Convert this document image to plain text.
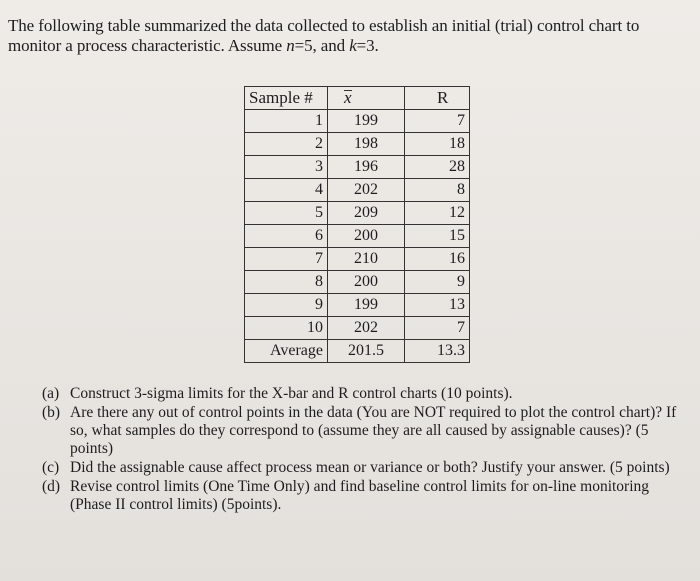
The following table summarized the data collected to establish an initial (trial) control chart to
monitor a process characteristic. Assume n=5, and k=3.
Sample #	x	R
1	199	7
2	198	18
3	196	28
4	202	8
5	209	12
6	200	15
7	210	16
8	200	9
9	199	13
10	202	7
Average	201.5	13.3
(a) Construct 3-sigma limits for the X-bar and R control charts (10 points).
(b) Are there any out of control points in the data (You are NOT required to plot the control chart)? If so, what samples do they correspond to (assume they are all caused by assignable causes)? (5 points)
(c) Did the assignable cause affect process mean or variance or both? Justify your answer. (5 points)
(d) Revise control limits (One Time Only) and find baseline control limits for on-line monitoring (Phase II control limits) (5points).
